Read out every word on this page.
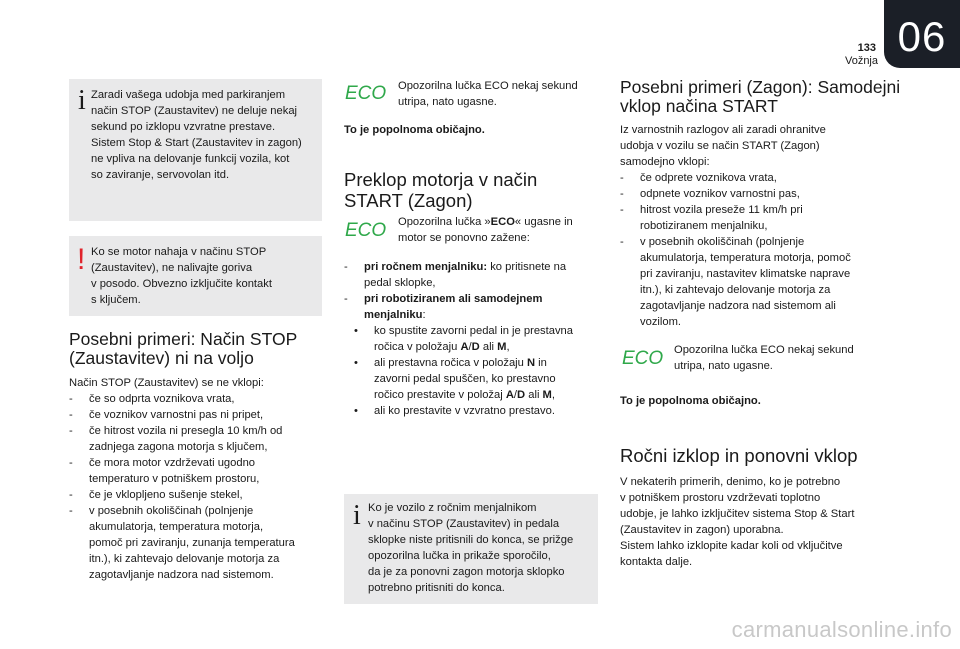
06
133
Vožnja
i Zaradi vašega udobja med parkiranjem

način STOP (Zaustavitev) ne deluje nekaj

sekund po izklopu vzvratne prestave.

Sistem Stop & Start (Zaustavitev in zagon)

ne vpliva na delovanje funkcij vozila, kot

so zaviranje, servovolan itd.

! Ko se motor nahaja v načinu STOP

(Zaustavitev), ne nalivajte goriva

v posodo. Obvezno izključite kontakt

s ključem.

Posebni primeri: Način STOP

(Zaustavitev) ni na voljo

Način STOP (Zaustavitev) se ne vklopi:

- če so odprta voznikova vrata,
- če voznikov varnostni pas ni pripet,
- če hitrost vozila ni presegla 10 km/h od
zadnjega zagona motorja s ključem,
- če mora motor vzdrževati ugodno
temperaturo v potniškem prostoru,
- če je vklopljeno sušenje stekel,
- v posebnih okoliščinah (polnjenje
akumulatorja, temperatura motorja,
pomoč pri zaviranju, zunanja temperatura
itn.), ki zahtevajo delovanje motorja za
zagotavljanje nadzora nad sistemom.
ECO Opozorilna lučka ECO nekaj sekund

utripa, nato ugasne.

To je popolnoma običajno.

Preklop motorja v način

START (Zagon)

ECO Opozorilna lučka »ECO« ugasne in

motor se ponovno zažene:

- pri ročnem menjalniku: ko pritisnete na
pedal sklopke,
- pri robotiziranem ali samodejnem
menjalniku:
• ko spustite zavorni pedal in je prestavna
ročica v položaju A/D ali M,
• ali prestavna ročica v položaju N in
zavorni pedal spuščen, ko prestavno
ročico prestavite v položaj A/D ali M,
• ali ko prestavite v vzvratno prestavo.
i Ko je vozilo z ročnim menjalnikom

v načinu STOP (Zaustavitev) in pedala

sklopke niste pritisnili do konca, se prižge

opozorilna lučka in prikaže sporočilo,

da je za ponovni zagon motorja sklopko

potrebno pritisniti do konca.

Posebni primeri (Zagon): Samodejni

vklop načina START

Iz varnostnih razlogov ali zaradi ohranitve

udobja v vozilu se način START (Zagon)

samodejno vklopi:

- če odprete voznikova vrata,
- odpnete voznikov varnostni pas,
- hitrost vozila preseže 11 km/h pri
robotiziranem menjalniku,
- v posebnih okoliščinah (polnjenje
akumulatorja, temperatura motorja, pomoč
pri zaviranju, nastavitev klimatske naprave
itn.), ki zahtevajo delovanje motorja za
zagotavljanje nadzora nad sistemom ali
vozilom.
ECO Opozorilna lučka ECO nekaj sekund

utripa, nato ugasne.

To je popolnoma običajno.

Ročni izklop in ponovni vklop

V nekaterih primerih, denimo, ko je potrebno

v potniškem prostoru vzdrževati toplotno

udobje, je lahko izključitev sistema Stop & Start

(Zaustavitev in zagon) uporabna.

Sistem lahko izklopite kadar koli od vključitve

kontakta dalje.

carmanualsonline.info
